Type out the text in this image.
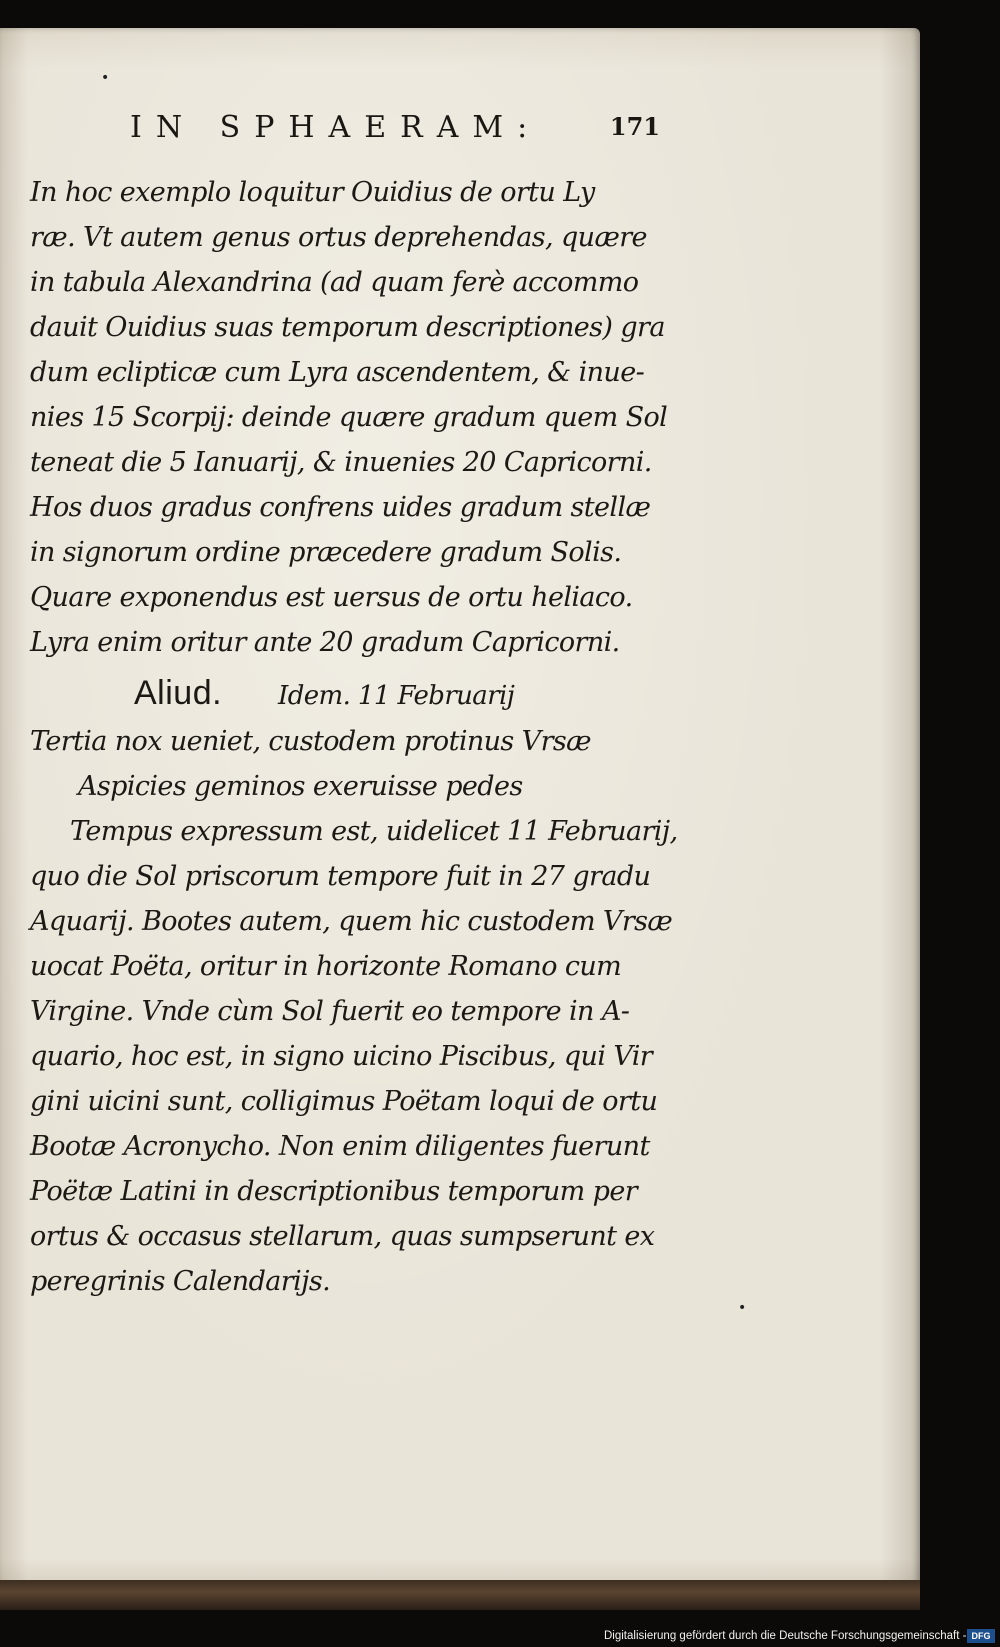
•
•
IN SPHAERAM:	171
In hoc exemplo loquitur Ouidius de ortu Ly
ræ. Vt autem genus ortus deprehendas, quære
in tabula Alexandrina (ad quam ferè accommo
dauit Ouidius suas temporum descriptiones) gra
dum eclipticæ cum Lyra ascendentem, & inue-
nies 15 Scorpij: deinde quære gradum quem Sol
teneat die 5 Ianuarij, & inuenies 20 Capricorni.
Hos duos gradus confrens uides gradum stellæ
in signorum ordine præcedere gradum Solis.
Quare exponendus est uersus de ortu heliaco.
Lyra enim oritur ante 20 gradum Capricorni.
Aliud. Idem. 11 Februarij
Tertia nox ueniet, custodem protinus Vrsæ
Aspicies geminos exeruisse pedes
Tempus expressum est, uidelicet 11 Februarij,
quo die Sol priscorum tempore fuit in 27 gradu
Aquarij. Bootes autem, quem hic custodem Vrsæ
uocat Poëta, oritur in horizonte Romano cum
Virgine. Vnde cùm Sol fuerit eo tempore in A-
quario, hoc est, in signo uicino Piscibus, qui Vir
gini uicini sunt, colligimus Poëtam loqui de ortu
Bootæ Acronycho. Non enim diligentes fuerunt
Poëtæ Latini in descriptionibus temporum per
ortus & occasus stellarum, quas sumpserunt ex
peregrinis Calendarijs.
Digitalisierung gefördert durch die Deutsche Forschungsgemeinschaft - DFG
